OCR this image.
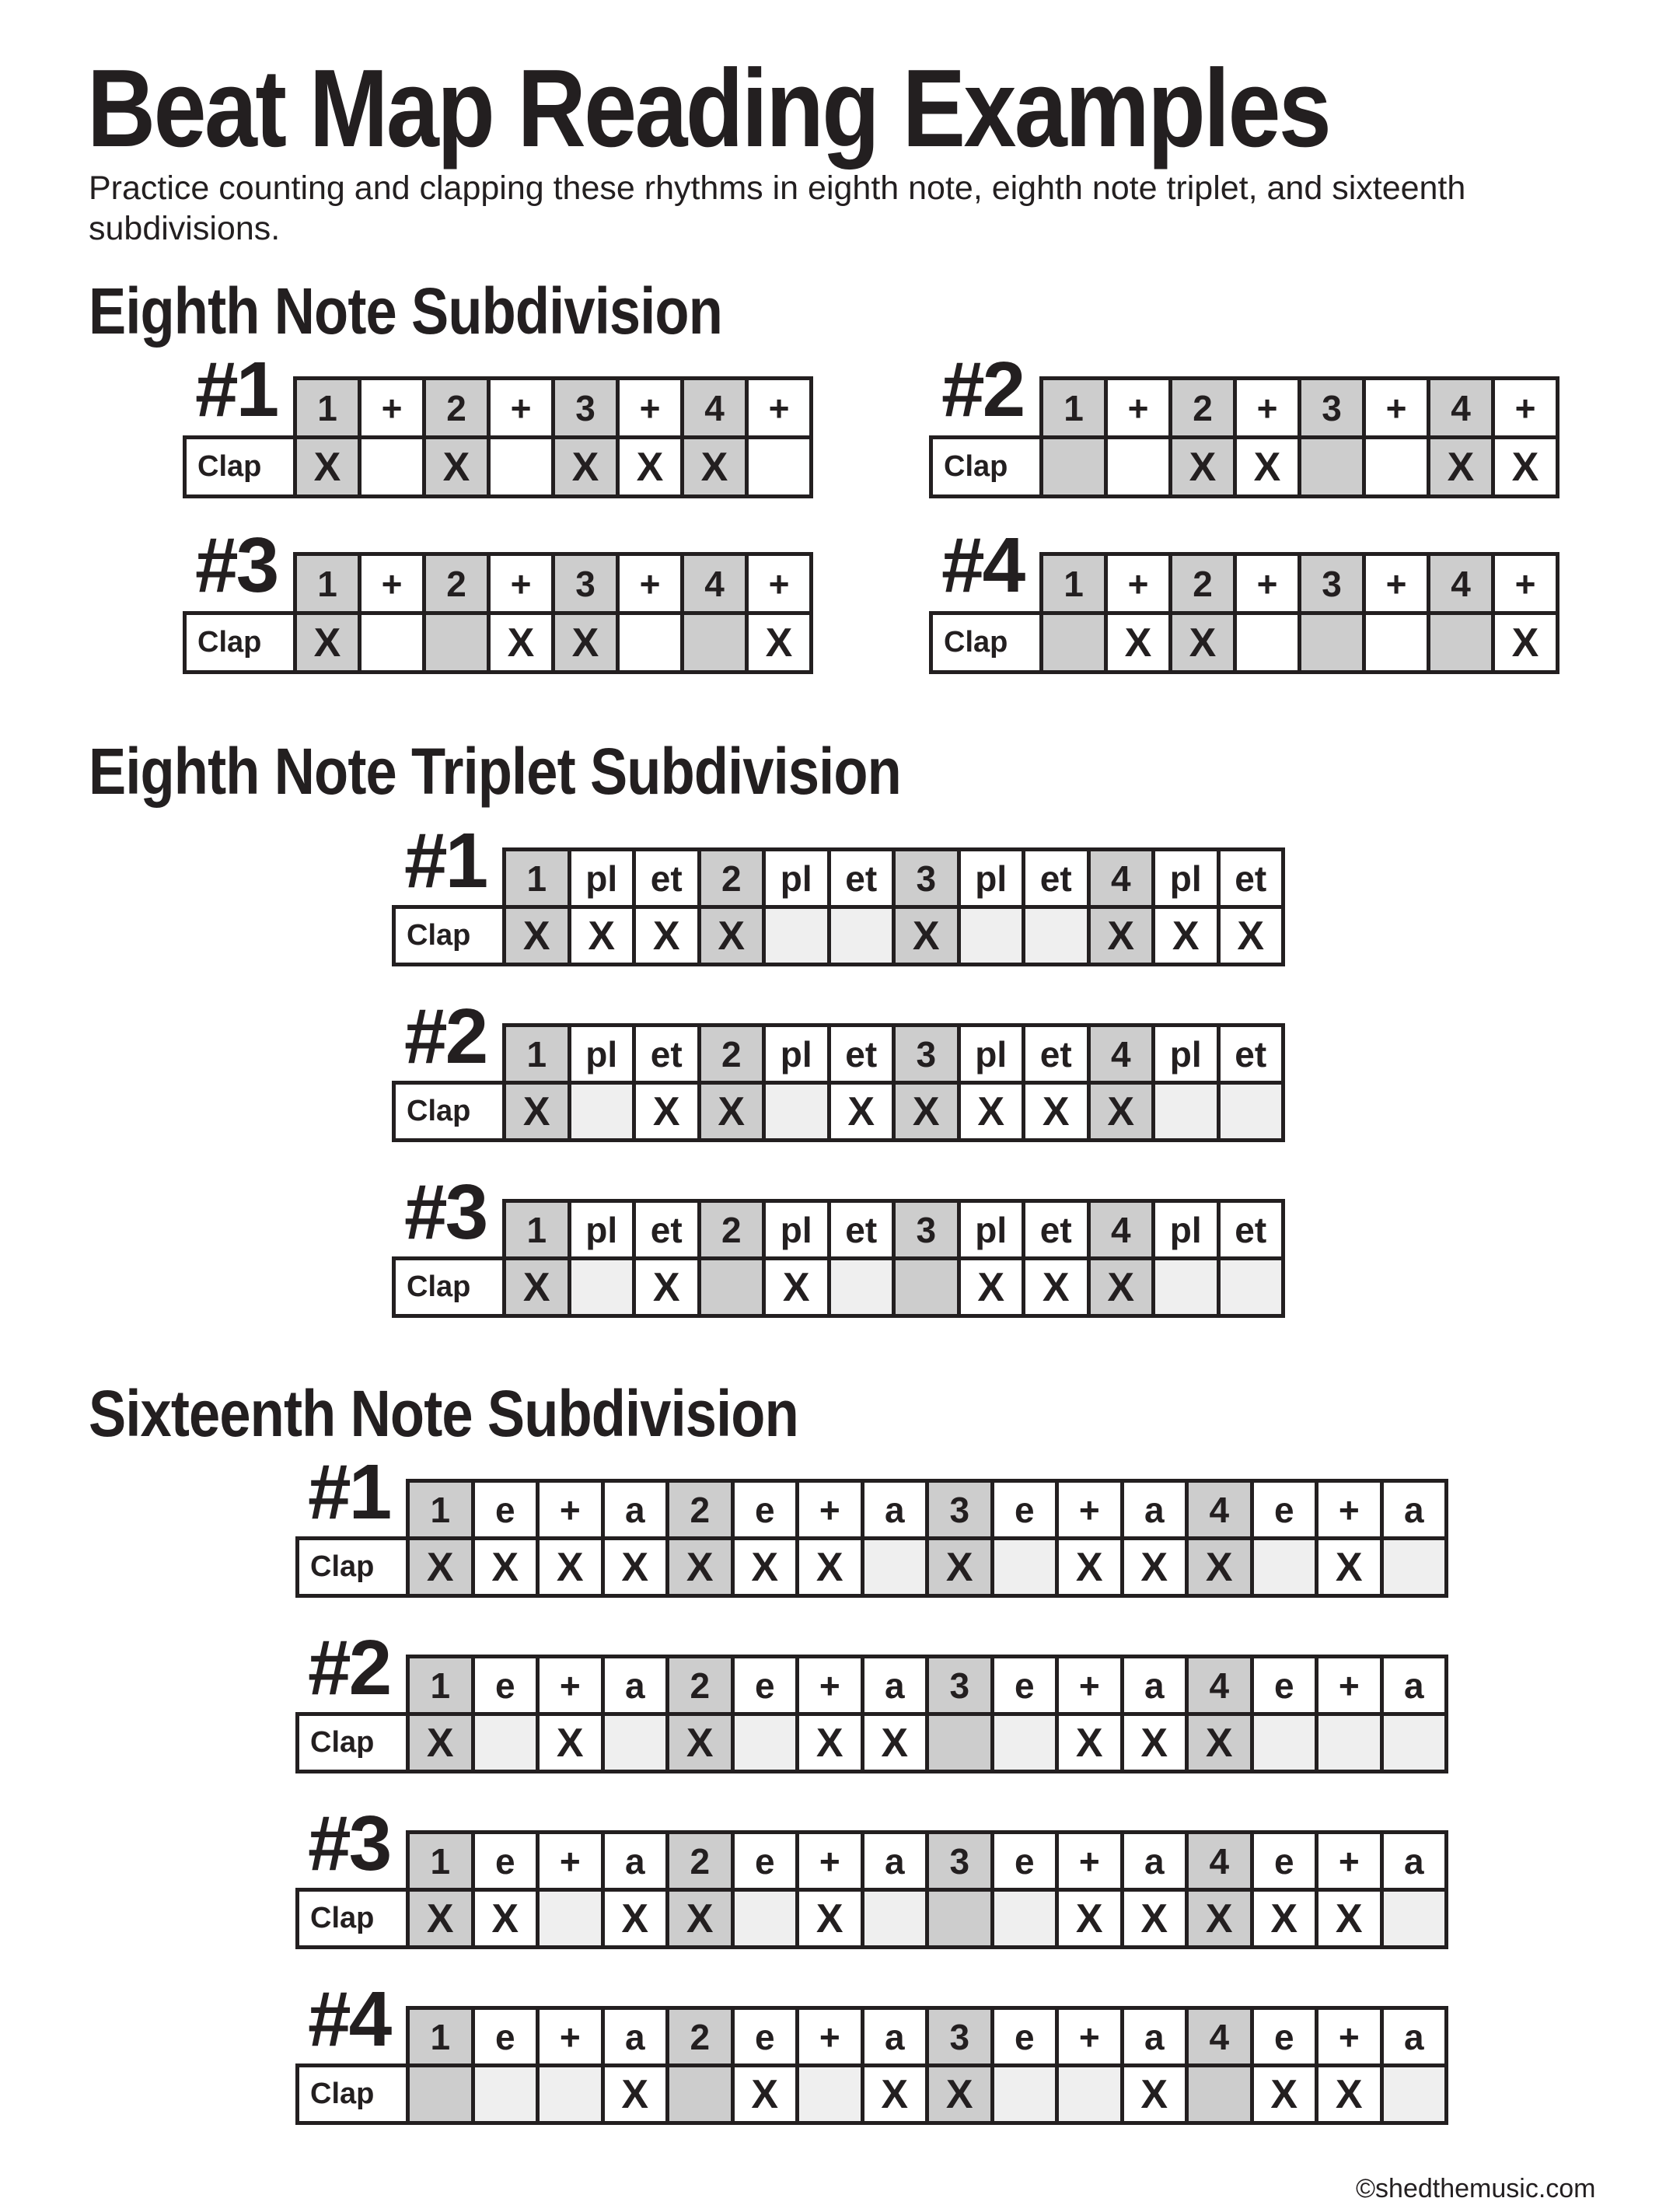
Beat Map Reading Examples

Practice counting and clapping these rhythms in eighth note, eighth note triplet, and sixteenth subdivisions.

Eighth Note Subdivision
Eighth Note Triplet Subdivision
Sixteenth Note Subdivision
#1
	1	+	2	+	3	+	4	+
Clap	X		X		X	X	X	
#2
	1	+	2	+	3	+	4	+
Clap			X	X			X	X
#3
	1	+	2	+	3	+	4	+
Clap	X			X	X			X
#4
	1	+	2	+	3	+	4	+
Clap		X	X					X
#1
	1	pl	et	2	pl	et	3	pl	et	4	pl	et
Clap	X	X	X	X			X			X	X	X
#2
	1	pl	et	2	pl	et	3	pl	et	4	pl	et
Clap	X		X	X		X	X	X	X	X		
#3
	1	pl	et	2	pl	et	3	pl	et	4	pl	et
Clap	X		X		X			X	X	X		
#1
	1	e	+	a	2	e	+	a	3	e	+	a	4	e	+	a
Clap	X	X	X	X	X	X	X		X		X	X	X		X	
#2
	1	e	+	a	2	e	+	a	3	e	+	a	4	e	+	a
Clap	X		X		X		X	X			X	X	X			
#3
	1	e	+	a	2	e	+	a	3	e	+	a	4	e	+	a
Clap	X	X		X	X		X				X	X	X	X	X	
#4
	1	e	+	a	2	e	+	a	3	e	+	a	4	e	+	a
Clap				X		X		X	X			X		X	X	

©shedthemusic.com
